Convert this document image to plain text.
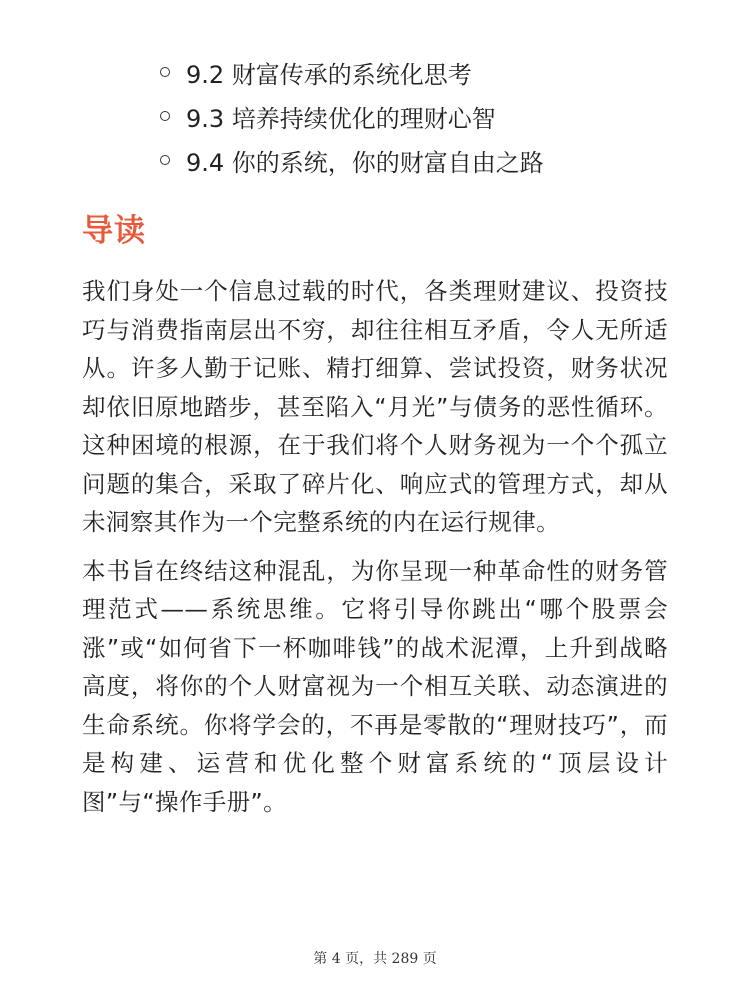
9.2 财富传承的系统化思考
9.3 培养持续优化的理财心智
9.4 你的系统，你的财富自由之路
导读

我们身处一个信息过载的时代，各类理财建议、投资技巧与消费指南层出不穷，却往往相互矛盾，令人无所适从。许多人勤于记账、精打细算、尝试投资，财务状况却依旧原地踏步，甚至陷入“月光”与债务的恶性循环。这种困境的根源，在于我们将个人财务视为一个个孤立问题的集合，采取了碎片化、响应式的管理方式，却从未洞察其作为一个完整系统的内在运行规律。

本书旨在终结这种混乱，为你呈现一种革命性的财务管理范式——系统思维。它将引导你跳出“哪个股票会涨”或“如何省下一杯咖啡钱”的战术泥潭，上升到战略高度，将你的个人财富视为一个相互关联、动态演进的生命系统。你将学会的，不再是零散的“理财技巧”，而是构建、运营和优化整个财富系统的“顶层设计图”与“操作手册”。

第 4 页，共 289 页
